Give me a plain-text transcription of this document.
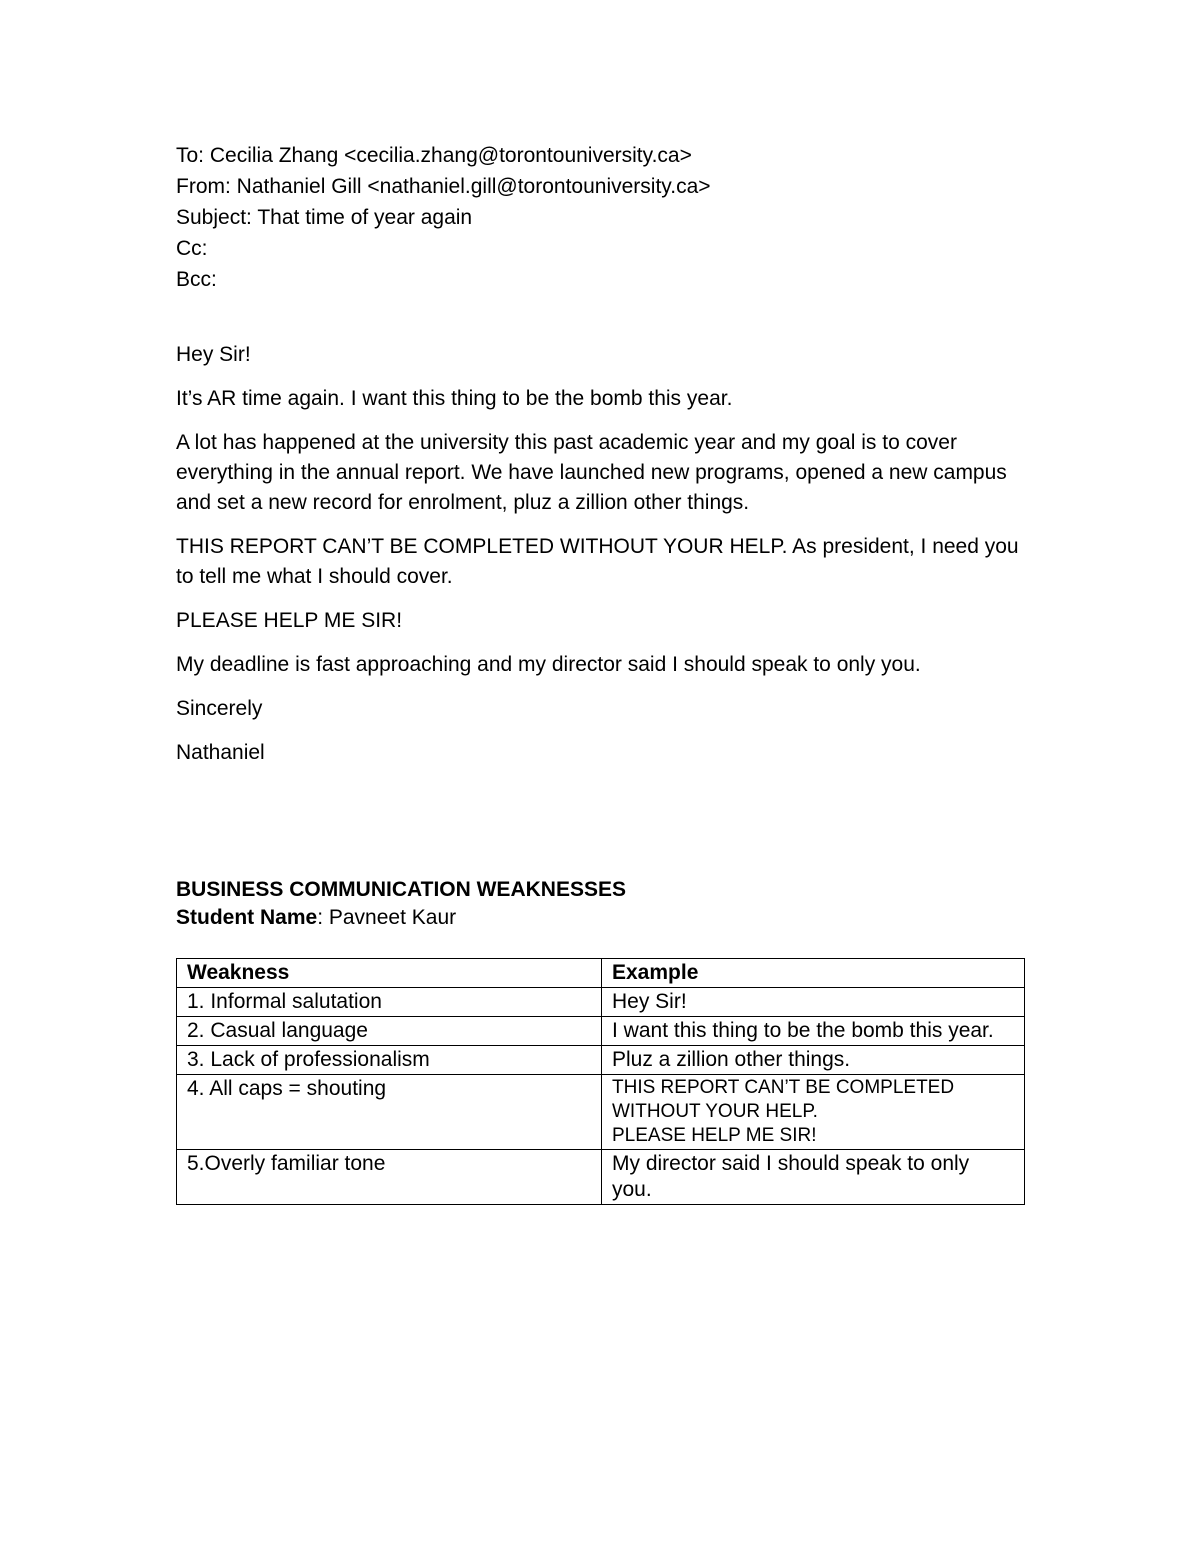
To: Cecilia Zhang <cecilia.zhang@torontouniversity.ca>
From: Nathaniel Gill <nathaniel.gill@torontouniversity.ca>
Subject: That time of year again
Cc:
Bcc:

Hey Sir!

It’s AR time again. I want this thing to be the bomb this year.

A lot has happened at the university this past academic year and my goal is to cover everything in the annual report. We have launched new programs, opened a new campus and set a new record for enrolment, pluz a zillion other things.

THIS REPORT CAN’T BE COMPLETED WITHOUT YOUR HELP. As president, I need you to tell me what I should cover.

PLEASE HELP ME SIR!

My deadline is fast approaching and my director said I should speak to only you.

Sincerely

Nathaniel

BUSINESS COMMUNICATION WEAKNESSES
Student Name: Pavneet Kaur
Weakness	Example
1. Informal salutation	Hey Sir!
2. Casual language	I want this thing to be the bomb this year.
3. Lack of professionalism	Pluz a zillion other things.
4. All caps = shouting	THIS REPORT CAN’T BE COMPLETED WITHOUT YOUR HELP.
PLEASE HELP ME SIR!

5.Overly familiar tone	My director said I should speak to only you.
